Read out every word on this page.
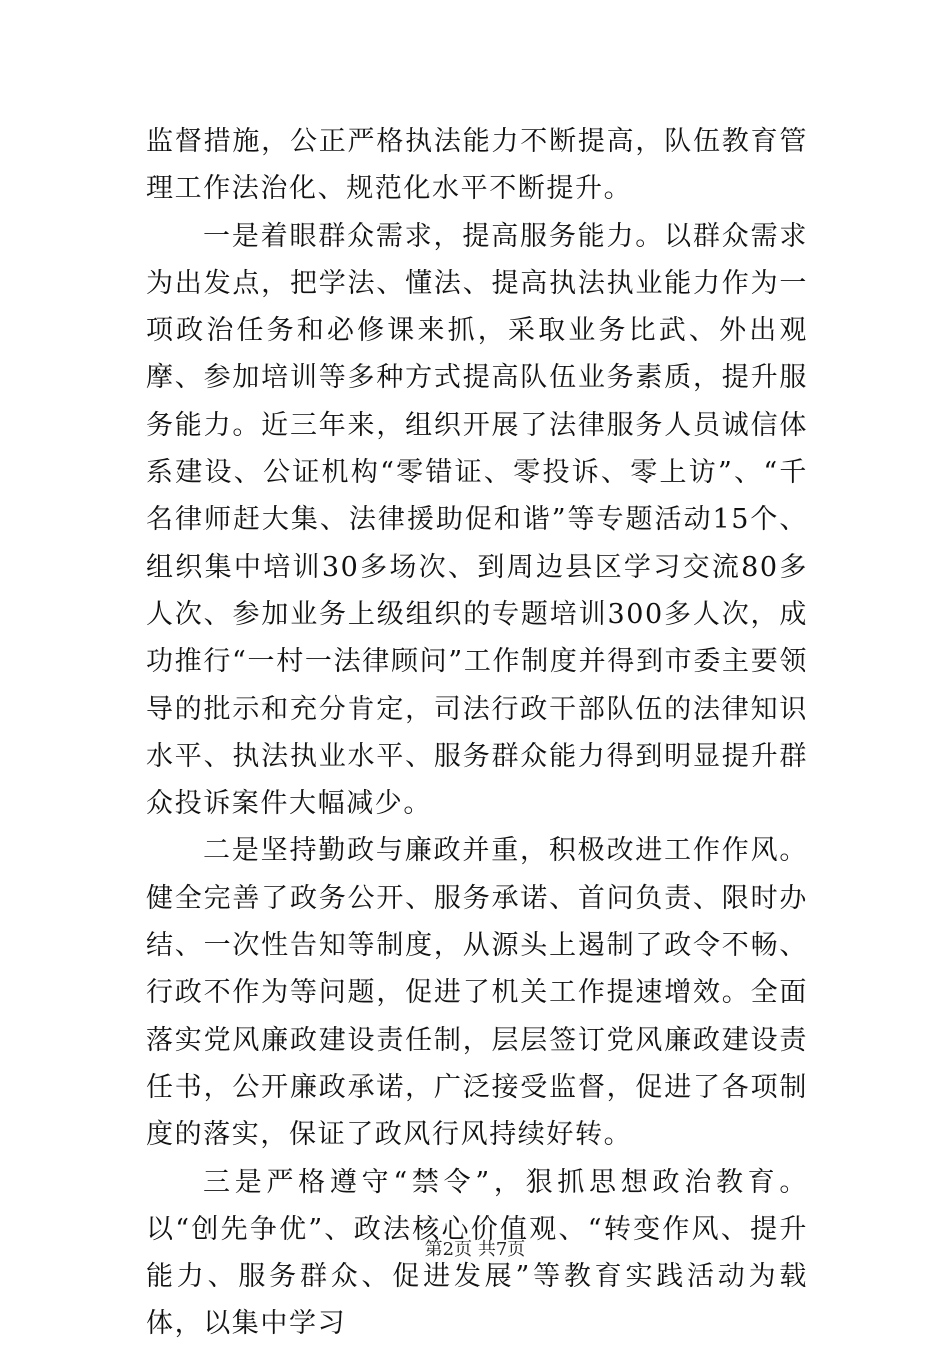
监督措施，公正严格执法能力不断提高，队伍教育管理工作法治化、规范化水平不断提升。

一是着眼群众需求，提高服务能力。以群众需求为出发点，把学法、懂法、提高执法执业能力作为一项政治任务和必修课来抓，采取业务比武、外出观摩、参加培训等多种方式提高队伍业务素质，提升服务能力。近三年来，组织开展了法律服务人员诚信体系建设、公证机构“零错证、零投诉、零上访”、“千名律师赶大集、法律援助促和谐”等专题活动15个、组织集中培训30多场次、到周边县区学习交流80多人次、参加业务上级组织的专题培训300多人次，成功推行“一村一法律顾问”工作制度并得到市委主要领导的批示和充分肯定，司法行政干部队伍的法律知识水平、执法执业水平、服务群众能力得到明显提升群众投诉案件大幅减少。

二是坚持勤政与廉政并重，积极改进工作作风。健全完善了政务公开、服务承诺、首问负责、限时办结、一次性告知等制度，从源头上遏制了政令不畅、行政不作为等问题，促进了机关工作提速增效。全面落实党风廉政建设责任制，层层签订党风廉政建设责任书，公开廉政承诺，广泛接受监督，促进了各项制度的落实，保证了政风行风持续好转。

三是严格遵守“禁令”，狠抓思想政治教育。以“创先争优”、政法核心价值观、“转变作风、提升能力、服务群众、促进发展”等教育实践活动为载体，以集中学习

第2页 共7页
